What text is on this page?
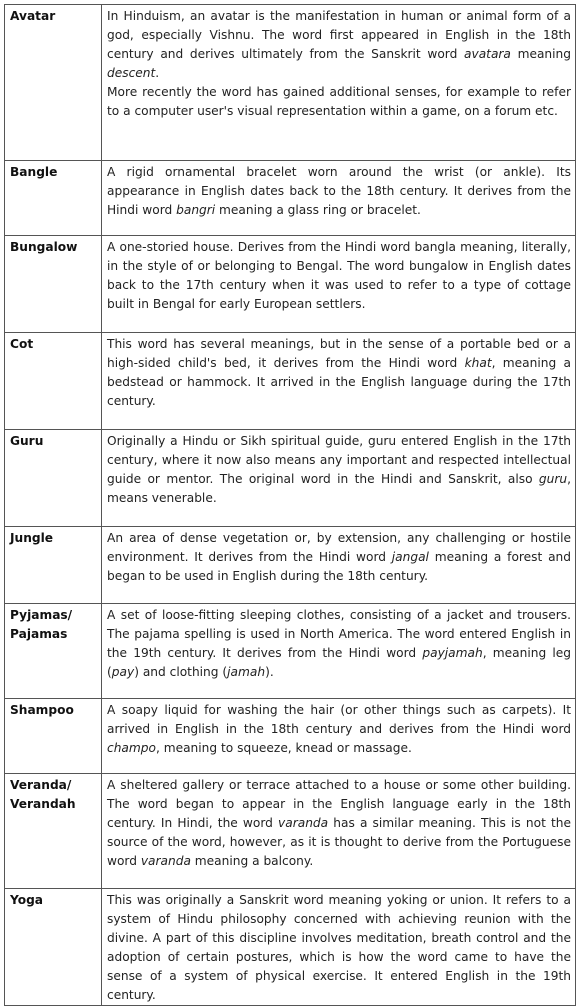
Avatar	In Hinduism, an avatar is the manifestation in human or animal form of a god, especially Vishnu. The word first appeared in English in the 18th century and derives ultimately from the Sanskrit word avatara meaning descent.
More recently the word has gained additional senses, for example to refer to a computer user's visual representation within a game, on a forum etc.

Bangle	A rigid ornamental bracelet worn around the wrist (or ankle). Its appearance in English dates back to the 18th century. It derives from the Hindi word bangri meaning a glass ring or bracelet.
Bungalow	A one-storied house. Derives from the Hindi word bangla meaning, literally, in the style of or belonging to Bengal. The word bungalow in English dates back to the 17th century when it was used to refer to a type of cottage built in Bengal for early European settlers.
Cot	This word has several meanings, but in the sense of a portable bed or a high-sided child's bed, it derives from the Hindi word khat, meaning a bedstead or hammock. It arrived in the English language during the 17th century.
Guru	Originally a Hindu or Sikh spiritual guide, guru entered English in the 17th century, where it now also means any important and respected intellectual guide or mentor. The original word in the Hindi and Sanskrit, also guru, means venerable.
Jungle	An area of dense vegetation or, by extension, any challenging or hostile environment. It derives from the Hindi word jangal meaning a forest and began to be used in English during the 18th century.

Pyjamas/
Pajamas	A set of loose-fitting sleeping clothes, consisting of a jacket and trousers. The pajama spelling is used in North America. The word entered English in the 19th century. It derives from the Hindi word payjamah, meaning leg (pay) and clothing (jamah).
Shampoo	A soapy liquid for washing the hair (or other things such as carpets). It arrived in English in the 18th century and derives from the Hindi word champo, meaning to squeeze, knead or massage.

Veranda/
Verandah	A sheltered gallery or terrace attached to a house or some other building. The word began to appear in the English language early in the 18th century. In Hindi, the word varanda has a similar meaning. This is not the source of the word, however, as it is thought to derive from the Portuguese word varanda meaning a balcony.
Yoga	This was originally a Sanskrit word meaning yoking or union. It refers to a system of Hindu philosophy concerned with achieving reunion with the divine. A part of this discipline involves meditation, breath control and the adoption of certain postures, which is how the word came to have the sense of a system of physical exercise. It entered English in the 19th century.
